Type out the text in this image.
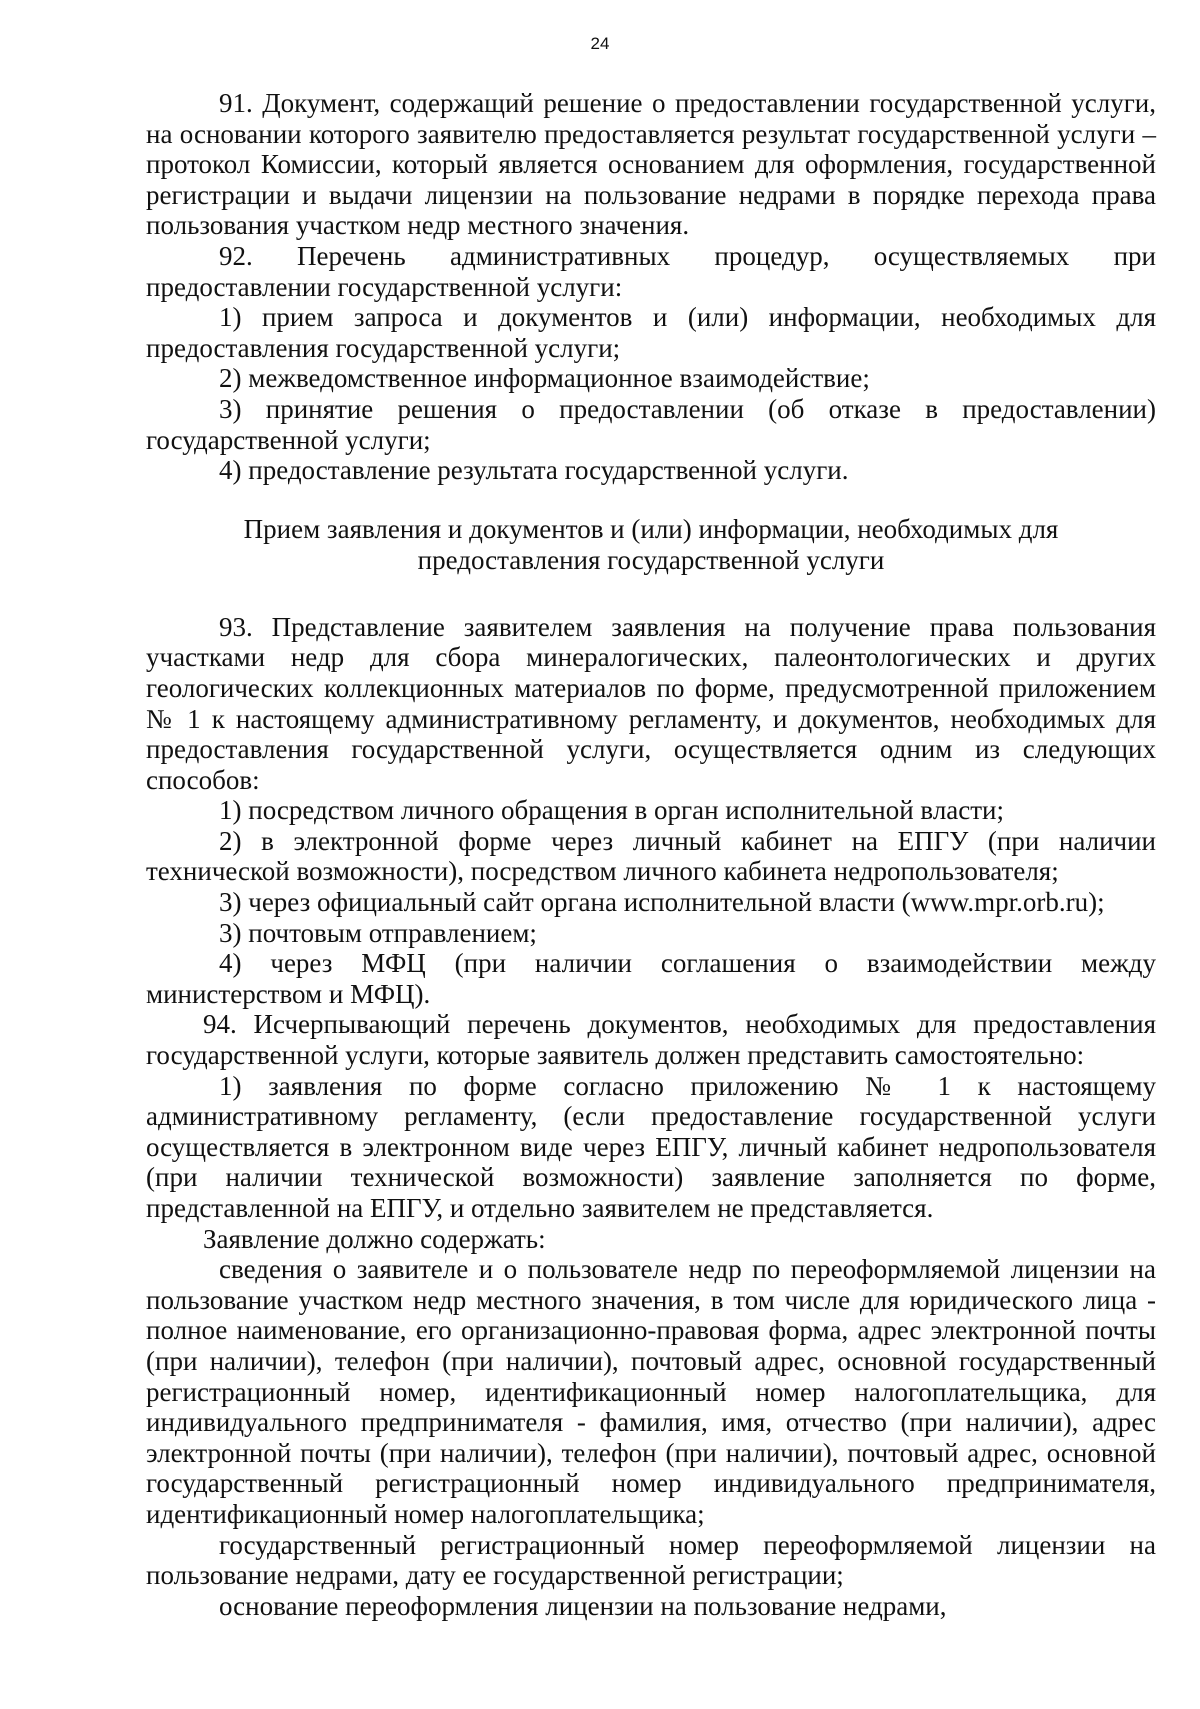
24

91. Документ, содержащий решение о предоставлении государственной услуги, на основании которого заявителю предоставляется результат государственной услуги – протокол Комиссии, который является основанием для оформления, государственной регистрации и выдачи лицензии на пользование недрами в порядке перехода права пользования участком недр местного значения.

92. Перечень административных процедур, осуществляемых при предоставлении государственной услуги:

1) прием запроса и документов и (или) информации, необходимых для предоставления государственной услуги;

2) межведомственное информационное взаимодействие;

3) принятие решения о предоставлении (об отказе в предоставлении) государственной услуги;

4) предоставление результата государственной услуги.

Прием заявления и документов и (или) информации, необходимых для предоставления государственной услуги

93. Представление заявителем заявления на получение права пользования участками недр для сбора минералогических, палеонтологических и других геологических коллекционных материалов по форме, предусмотренной приложением № 1 к настоящему административному регламенту, и документов, необходимых для предоставления государственной услуги, осуществляется одним из следующих способов:

1) посредством личного обращения в орган исполнительной власти;

2) в электронной форме через личный кабинет на ЕПГУ (при наличии технической возможности), посредством личного кабинета недропользователя;

3) через официальный сайт органа исполнительной власти (www.mpr.orb.ru);

3) почтовым отправлением;

4) через МФЦ (при наличии соглашения о взаимодействии между министерством и МФЦ).

94. Исчерпывающий перечень документов, необходимых для предоставления государственной услуги, которые заявитель должен представить самостоятельно:

1) заявления по форме согласно приложению № 1 к настоящему административному регламенту, (если предоставление государственной услуги осуществляется в электронном виде через ЕПГУ, личный кабинет недропользователя (при наличии технической возможности) заявление заполняется по форме, представленной на ЕПГУ, и отдельно заявителем не представляется.

Заявление должно содержать:

сведения о заявителе и о пользователе недр по переоформляемой лицензии на пользование участком недр местного значения, в том числе для юридического лица - полное наименование, его организационно-правовая форма, адрес электронной почты (при наличии), телефон (при наличии), почтовый адрес, основной государственный регистрационный номер, идентификационный номер налогоплательщика, для индивидуального предпринимателя - фамилия, имя, отчество (при наличии), адрес электронной почты (при наличии), телефон (при наличии), почтовый адрес, основной государственный регистрационный номер индивидуального предпринимателя, идентификационный номер налогоплательщика;

государственный регистрационный номер переоформляемой лицензии на пользование недрами, дату ее государственной регистрации;

основание переоформления лицензии на пользование недрами,
